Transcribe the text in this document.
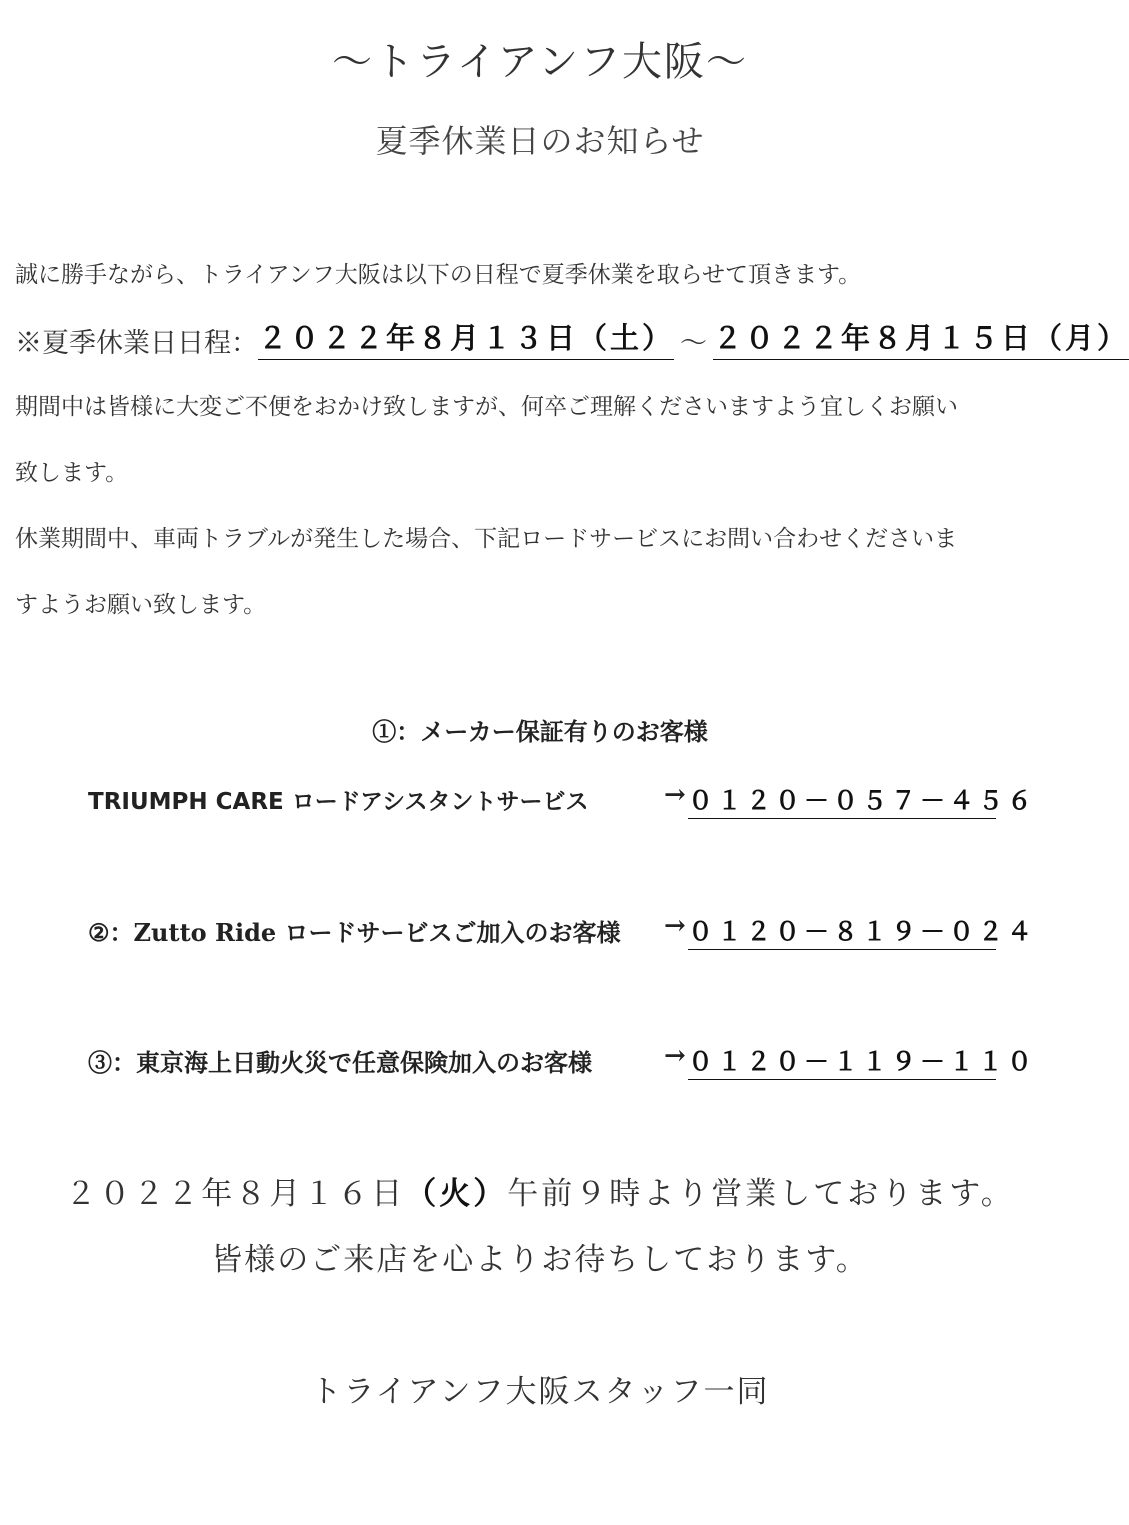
～トライアンフ大阪～
夏季休業日のお知らせ
誠に勝手ながら、トライアンフ大阪は以下の日程で夏季休業を取らせて頂きます。
※夏季休業日日程： ２０２２年８月１３日（土） ～ ２０２２年８月１５日（月）
期間中は皆様に大変ご不便をおかけ致しますが、何卒ご理解くださいますよう宜しくお願い
致します。
休業期間中、車両トラブルが発生した場合、下記ロードサービスにお問い合わせくださいま
すようお願い致します。
①：メーカー保証有りのお客様
TRIUMPH CARE ロードアシスタントサービス	→ ０１２０－０５７－４５６
②：Zutto Ride ロードサービスご加入のお客様 → ０１２０－８１９－０２４
③：東京海上日動火災で任意保険加入のお客様	→ ０１２０－１１９－１１０
２０２２年８月１６日（火）午前９時より営業しております。
皆様のご来店を心よりお待ちしております。
トライアンフ大阪スタッフ一同
